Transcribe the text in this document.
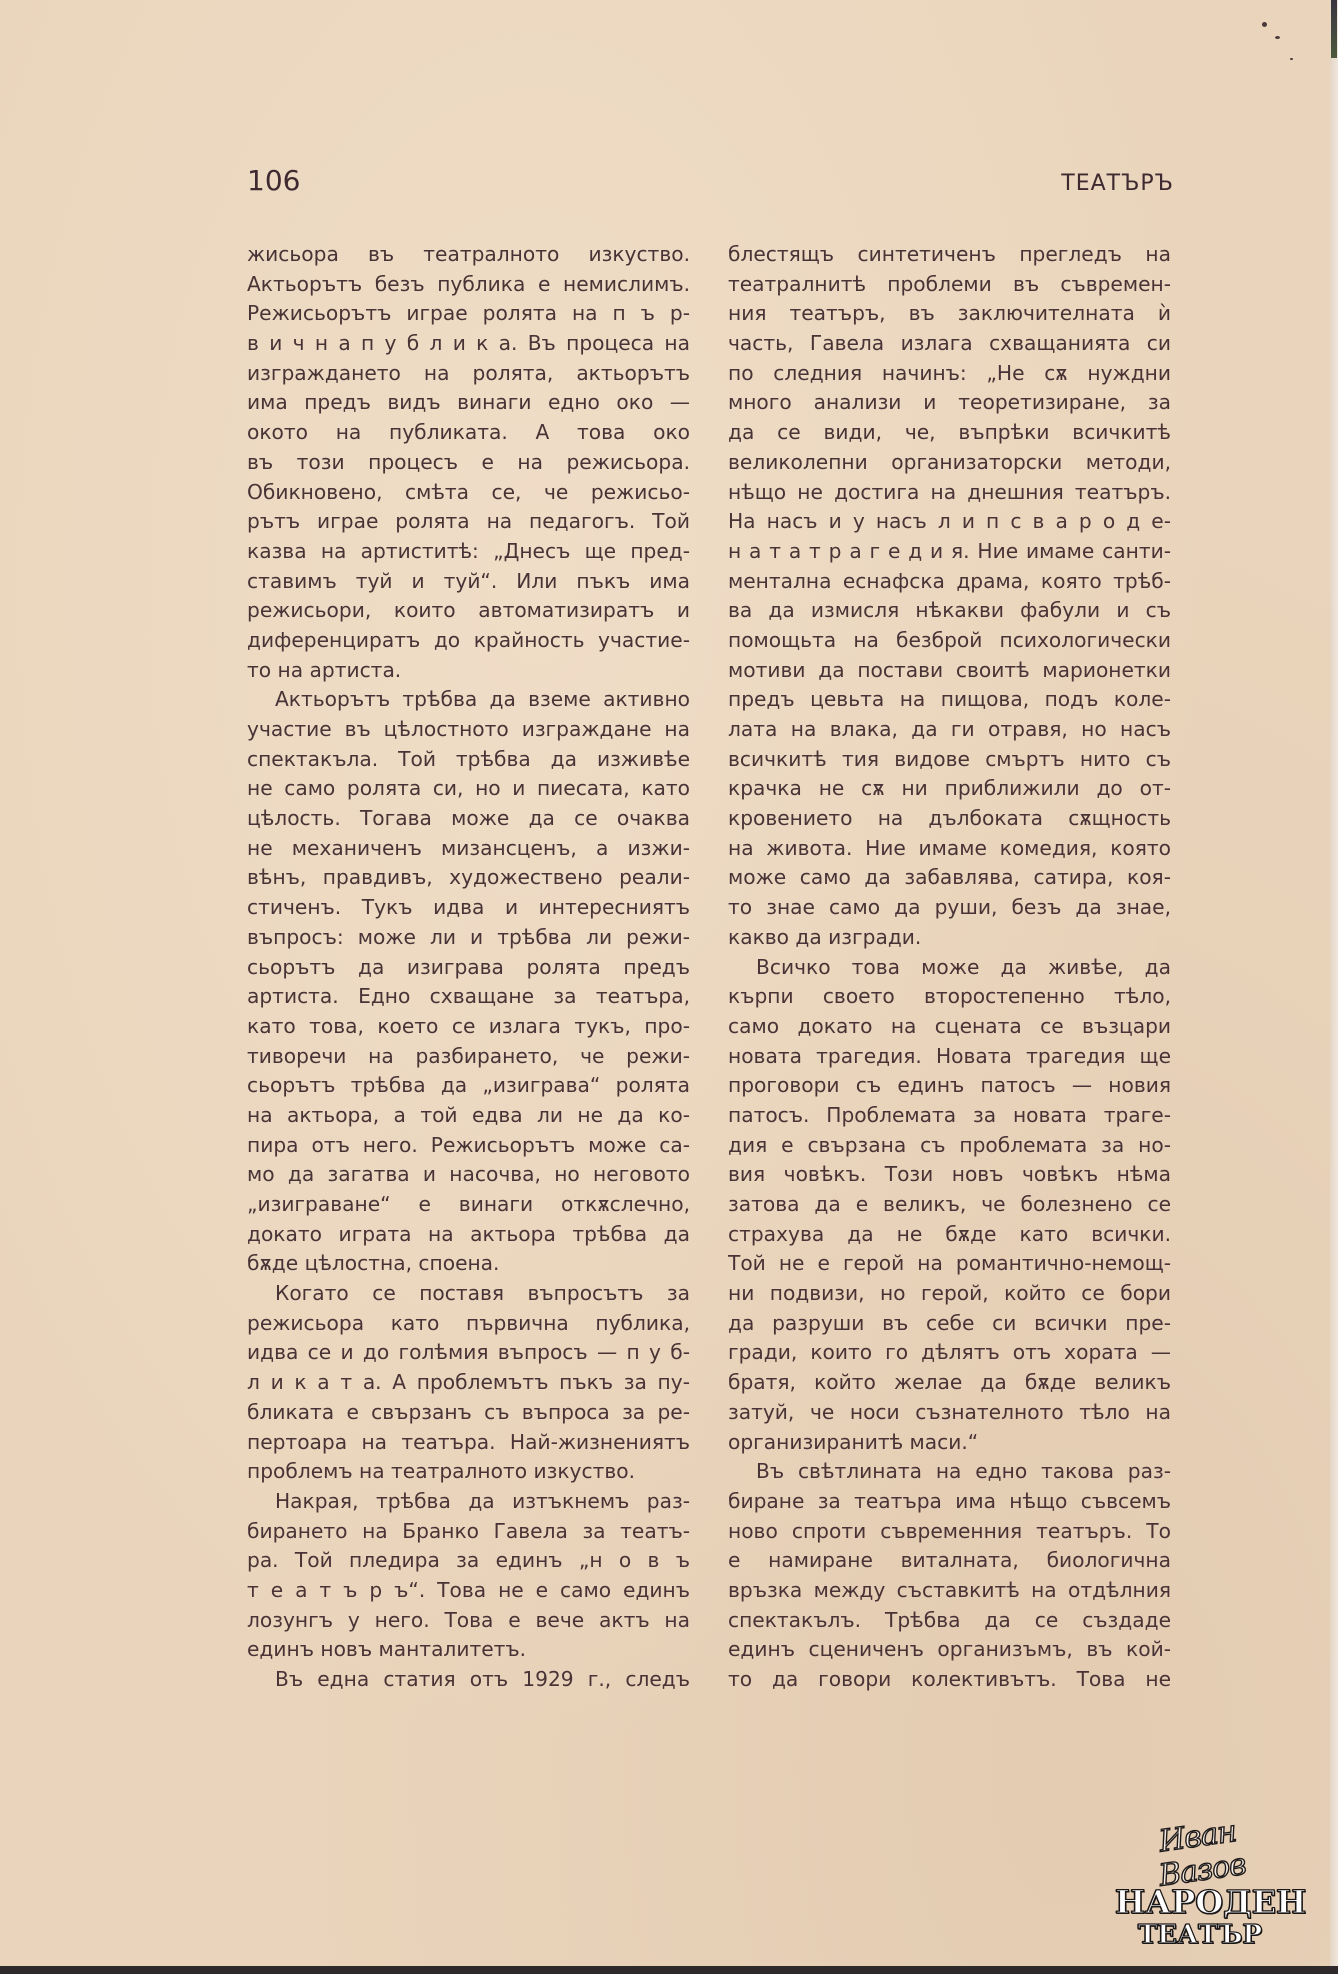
106	ТЕАТЪРЪ
жисьора въ театралното изкуство.
Актьорътъ безъ публика е немислимъ.
Режисьорътъ играе ролята на п ъ р-
в и ч н а п у б л и к а. Въ процеса на
изграждането на ролята, актьорътъ
има предъ видъ винаги едно око —
окото на публиката. А това око
въ този процесъ е на режисьора.
Обикновено, смѣта се, че режисьо-
рътъ играе ролята на педагогъ. Той
казва на артиститѣ: „Днесъ ще пред-
ставимъ туй и туй“. Или пъкъ има
режисьори, които автоматизиратъ и
диференциратъ до крайность участие-
то на артиста.
Актьорътъ трѣбва да вземе активно
участие въ цѣлостното изграждане на
спектакъла. Той трѣбва да изживѣе
не само ролята си, но и пиесата, като
цѣлость. Тогава може да се очаква
не механиченъ мизансценъ, а изжи-
вѣнъ, правдивъ, художествено реали-
стиченъ. Тукъ идва и интересниятъ
въпросъ: може ли и трѣбва ли режи-
сьорътъ да изиграва ролята предъ
артиста. Едно схващане за театъра,
като това, което се излага тукъ, про-
тиворечи на разбирането, че режи-
сьорътъ трѣбва да „изиграва“ ролята
на актьора, а той едва ли не да ко-
пира отъ него. Режисьорътъ може са-
мо да загатва и насочва, но неговото
„изиграване“ е винаги откѫслечно,
докато играта на актьора трѣбва да
бѫде цѣлостна, споена.
Когато се поставя въпросътъ за
режисьора като първична публика,
идва се и до голѣмия въпросъ — п у б-
л и к а т а. А проблемътъ пъкъ за пу-
бликата е свързанъ съ въпроса за ре-
пертоара на театъра. Най-жизнениятъ
проблемъ на театралното изкуство.
Накрая, трѣбва да изтъкнемъ раз-
бирането на Бранко Гавела за театъ-
ра. Той пледира за единъ „н о в ъ
т е а т ъ р ъ“. Това не е само единъ
лозунгъ у него. Това е вече актъ на
единъ новъ манталитетъ.
Въ една статия отъ 1929 г., следъ
блестящъ синтетиченъ прегледъ на
театралнитѣ проблеми въ съвремен-
ния театъръ, въ заключителната ѝ
часть, Гавела излага схващанията си
по следния начинъ: „Не сѫ нуждни
много анализи и теоретизиране, за
да се види, че, въпрѣки всичкитѣ
великолепни организаторски методи,
нѣщо не достига на днешния театъръ.
На насъ и у насъ л и п с в а р о д е-
н а т а т р а г е д и я. Ние имаме санти-
ментална еснафска драма, която трѣб-
ва да измисля нѣкакви фабули и съ
помощьта на безброй психологически
мотиви да постави своитѣ марионетки
предъ цевьта на пищова, подъ коле-
лата на влака, да ги отравя, но насъ
всичкитѣ тия видове смъртъ нито съ
крачка не сѫ ни приближили до от-
кровението на дълбоката сѫщность
на живота. Ние имаме комедия, която
може само да забавлява, сатира, коя-
то знае само да руши, безъ да знае,
какво да изгради.
Всичко това може да живѣе, да
кърпи своето второстепенно тѣло,
само докато на сцената се възцари
новата трагедия. Новата трагедия ще
проговори съ единъ патосъ — новия
патосъ. Проблемата за новата траге-
дия е свързана съ проблемата за но-
вия човѣкъ. Този новъ човѣкъ нѣма
затова да е великъ, че болезнено се
страхува да не бѫде като всички.
Той не е герой на романтично-немощ-
ни подвизи, но герой, който се бори
да разруши въ себе си всички пре-
гради, които го дѣлятъ отъ хората —
братя, който желае да бѫде великъ
затуй, че носи съзнателното тѣло на
организиранитѣ маси.“
Въ свѣтлината на едно такова раз-
биране за театъра има нѣщо съвсемъ
ново спроти съвременния театъръ. То
е намиране виталната, биологична
връзка между съставкитѣ на отдѣлния
спектакълъ. Трѣбва да се създаде
единъ сцениченъ организъмъ, въ кой-
то да говори колективътъ. Това не
Иван Вазов
НАРОДЕН
ТЕАТЪР
